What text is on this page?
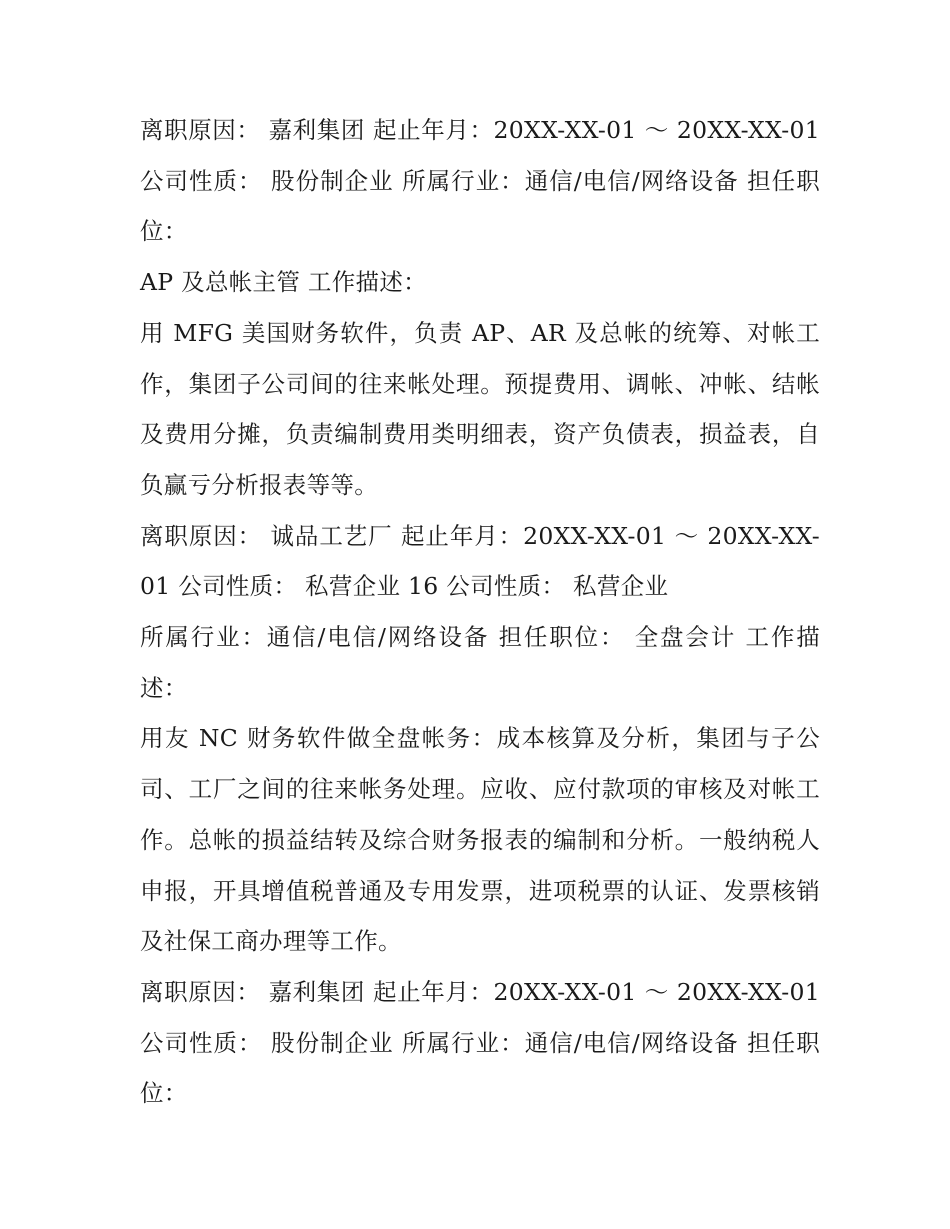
离职原因： 嘉利集团 起止年月：20XX-XX-01 ～ 20XX-XX-01 公司性质： 股份制企业 所属行业：通信/电信/网络设备 担任职位：

AP 及总帐主管 工作描述：

用 MFG 美国财务软件，负责 AP、AR 及总帐的统筹、对帐工作，集团子公司间的往来帐处理。预提费用、调帐、冲帐、结帐及费用分摊，负责编制费用类明细表，资产负债表，损益表，自负赢亏分析报表等等。

离职原因： 诚品工艺厂 起止年月：20XX-XX-01 ～ 20XX-XX-01 公司性质： 私营企业 16 公司性质： 私营企业

所属行业：通信/电信/网络设备 担任职位： 全盘会计 工作描述：

用友 NC 财务软件做全盘帐务：成本核算及分析，集团与子公司、工厂之间的往来帐务处理。应收、应付款项的审核及对帐工作。总帐的损益结转及综合财务报表的编制和分析。一般纳税人申报，开具增值税普通及专用发票，进项税票的认证、发票核销及社保工商办理等工作。

离职原因： 嘉利集团 起止年月：20XX-XX-01 ～ 20XX-XX-01 公司性质： 股份制企业 所属行业：通信/电信/网络设备 担任职位：
